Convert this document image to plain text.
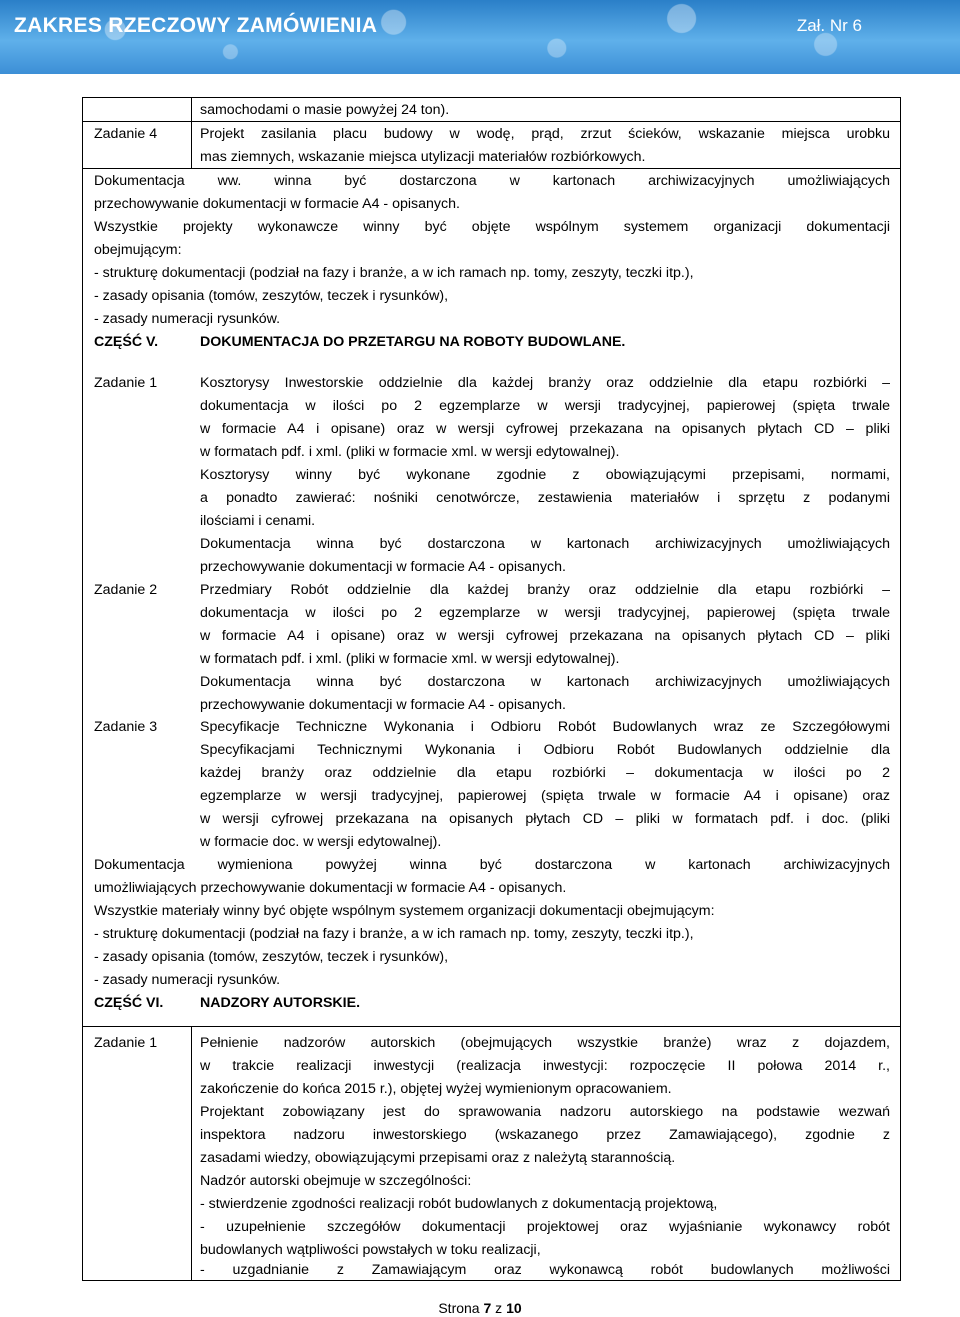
ZAKRES RZECZOWY ZAMÓWIENIA	Zał. Nr 6
samochodami o masie powyżej 24 ton).
Zadanie 4	Projekt zasilania placu budowy w wodę, prąd, zrzut ścieków, wskazanie miejsca urobku
mas ziemnych, wskazanie miejsca utylizacji materiałów rozbiórkowych.
Dokumentacja ww. winna być dostarczona w kartonach archiwizacyjnych umożliwiających
przechowywanie dokumentacji w formacie A4 - opisanych.
Wszystkie projekty wykonawcze winny być objęte wspólnym systemem organizacji dokumentacji
obejmującym:
- strukturę dokumentacji (podział na fazy i branże, a w ich ramach np. tomy, zeszyty, teczki itp.),
- zasady opisania (tomów, zeszytów, teczek i rysunków),
- zasady numeracji rysunków.
CZĘŚĆ V.	DOKUMENTACJA DO PRZETARGU NA ROBOTY BUDOWLANE.
Zadanie 1	Kosztorysy Inwestorskie oddzielnie dla każdej branży oraz oddzielnie dla etapu rozbiórki –
dokumentacja w ilości po 2 egzemplarze w wersji tradycyjnej, papierowej (spięta trwale
w formacie A4 i opisane) oraz w wersji cyfrowej przekazana na opisanych płytach CD – pliki
w formatach pdf. i xml. (pliki w formacie xml. w wersji edytowalnej).
Kosztorysy winny być wykonane zgodnie z obowiązującymi przepisami, normami,
a ponadto zawierać: nośniki cenotwórcze, zestawienia materiałów i sprzętu z podanymi
ilościami i cenami.
Dokumentacja winna być dostarczona w kartonach archiwizacyjnych umożliwiających
przechowywanie dokumentacji w formacie A4 - opisanych.
Zadanie 2	Przedmiary Robót oddzielnie dla każdej branży oraz oddzielnie dla etapu rozbiórki –
dokumentacja w ilości po 2 egzemplarze w wersji tradycyjnej, papierowej (spięta trwale
w formacie A4 i opisane) oraz w wersji cyfrowej przekazana na opisanych płytach CD – pliki
w formatach pdf. i xml. (pliki w formacie xml. w wersji edytowalnej).
Dokumentacja winna być dostarczona w kartonach archiwizacyjnych umożliwiających
przechowywanie dokumentacji w formacie A4 - opisanych.
Zadanie 3	Specyfikacje Techniczne Wykonania i Odbioru Robót Budowlanych wraz ze Szczegółowymi
Specyfikacjami Technicznymi Wykonania i Odbioru Robót Budowlanych oddzielnie dla
każdej branży oraz oddzielnie dla etapu rozbiórki – dokumentacja w ilości po 2
egzemplarze w wersji tradycyjnej, papierowej (spięta trwale w formacie A4 i opisane) oraz
w wersji cyfrowej przekazana na opisanych płytach CD – pliki w formatach pdf. i doc. (pliki
w formacie doc. w wersji edytowalnej).
Dokumentacja wymieniona powyżej winna być dostarczona w kartonach archiwizacyjnych
umożliwiających przechowywanie dokumentacji w formacie A4 - opisanych.
Wszystkie materiały winny być objęte wspólnym systemem organizacji dokumentacji obejmującym:
- strukturę dokumentacji (podział na fazy i branże, a w ich ramach np. tomy, zeszyty, teczki itp.),
- zasady opisania (tomów, zeszytów, teczek i rysunków),
- zasady numeracji rysunków.
CZĘŚĆ VI.	NADZORY AUTORSKIE.
Zadanie 1	Pełnienie nadzorów autorskich (obejmujących wszystkie branże) wraz z dojazdem,
w trakcie realizacji inwestycji (realizacja inwestycji: rozpoczęcie II połowa 2014 r.,
zakończenie do końca 2015 r.), objętej wyżej wymienionym opracowaniem.
Projektant zobowiązany jest do sprawowania nadzoru autorskiego na podstawie wezwań
inspektora nadzoru inwestorskiego (wskazanego przez Zamawiającego), zgodnie z
zasadami wiedzy, obowiązującymi przepisami oraz z należytą starannością.
Nadzór autorski obejmuje w szczególności:
- stwierdzenie zgodności realizacji robót budowlanych z dokumentacją projektową,
- uzupełnienie szczegółów dokumentacji projektowej oraz wyjaśnianie wykonawcy robót
budowlanych wątpliwości powstałych w toku realizacji,
- uzgadnianie z Zamawiającym oraz wykonawcą robót budowlanych możliwości
Strona 7 z 10
